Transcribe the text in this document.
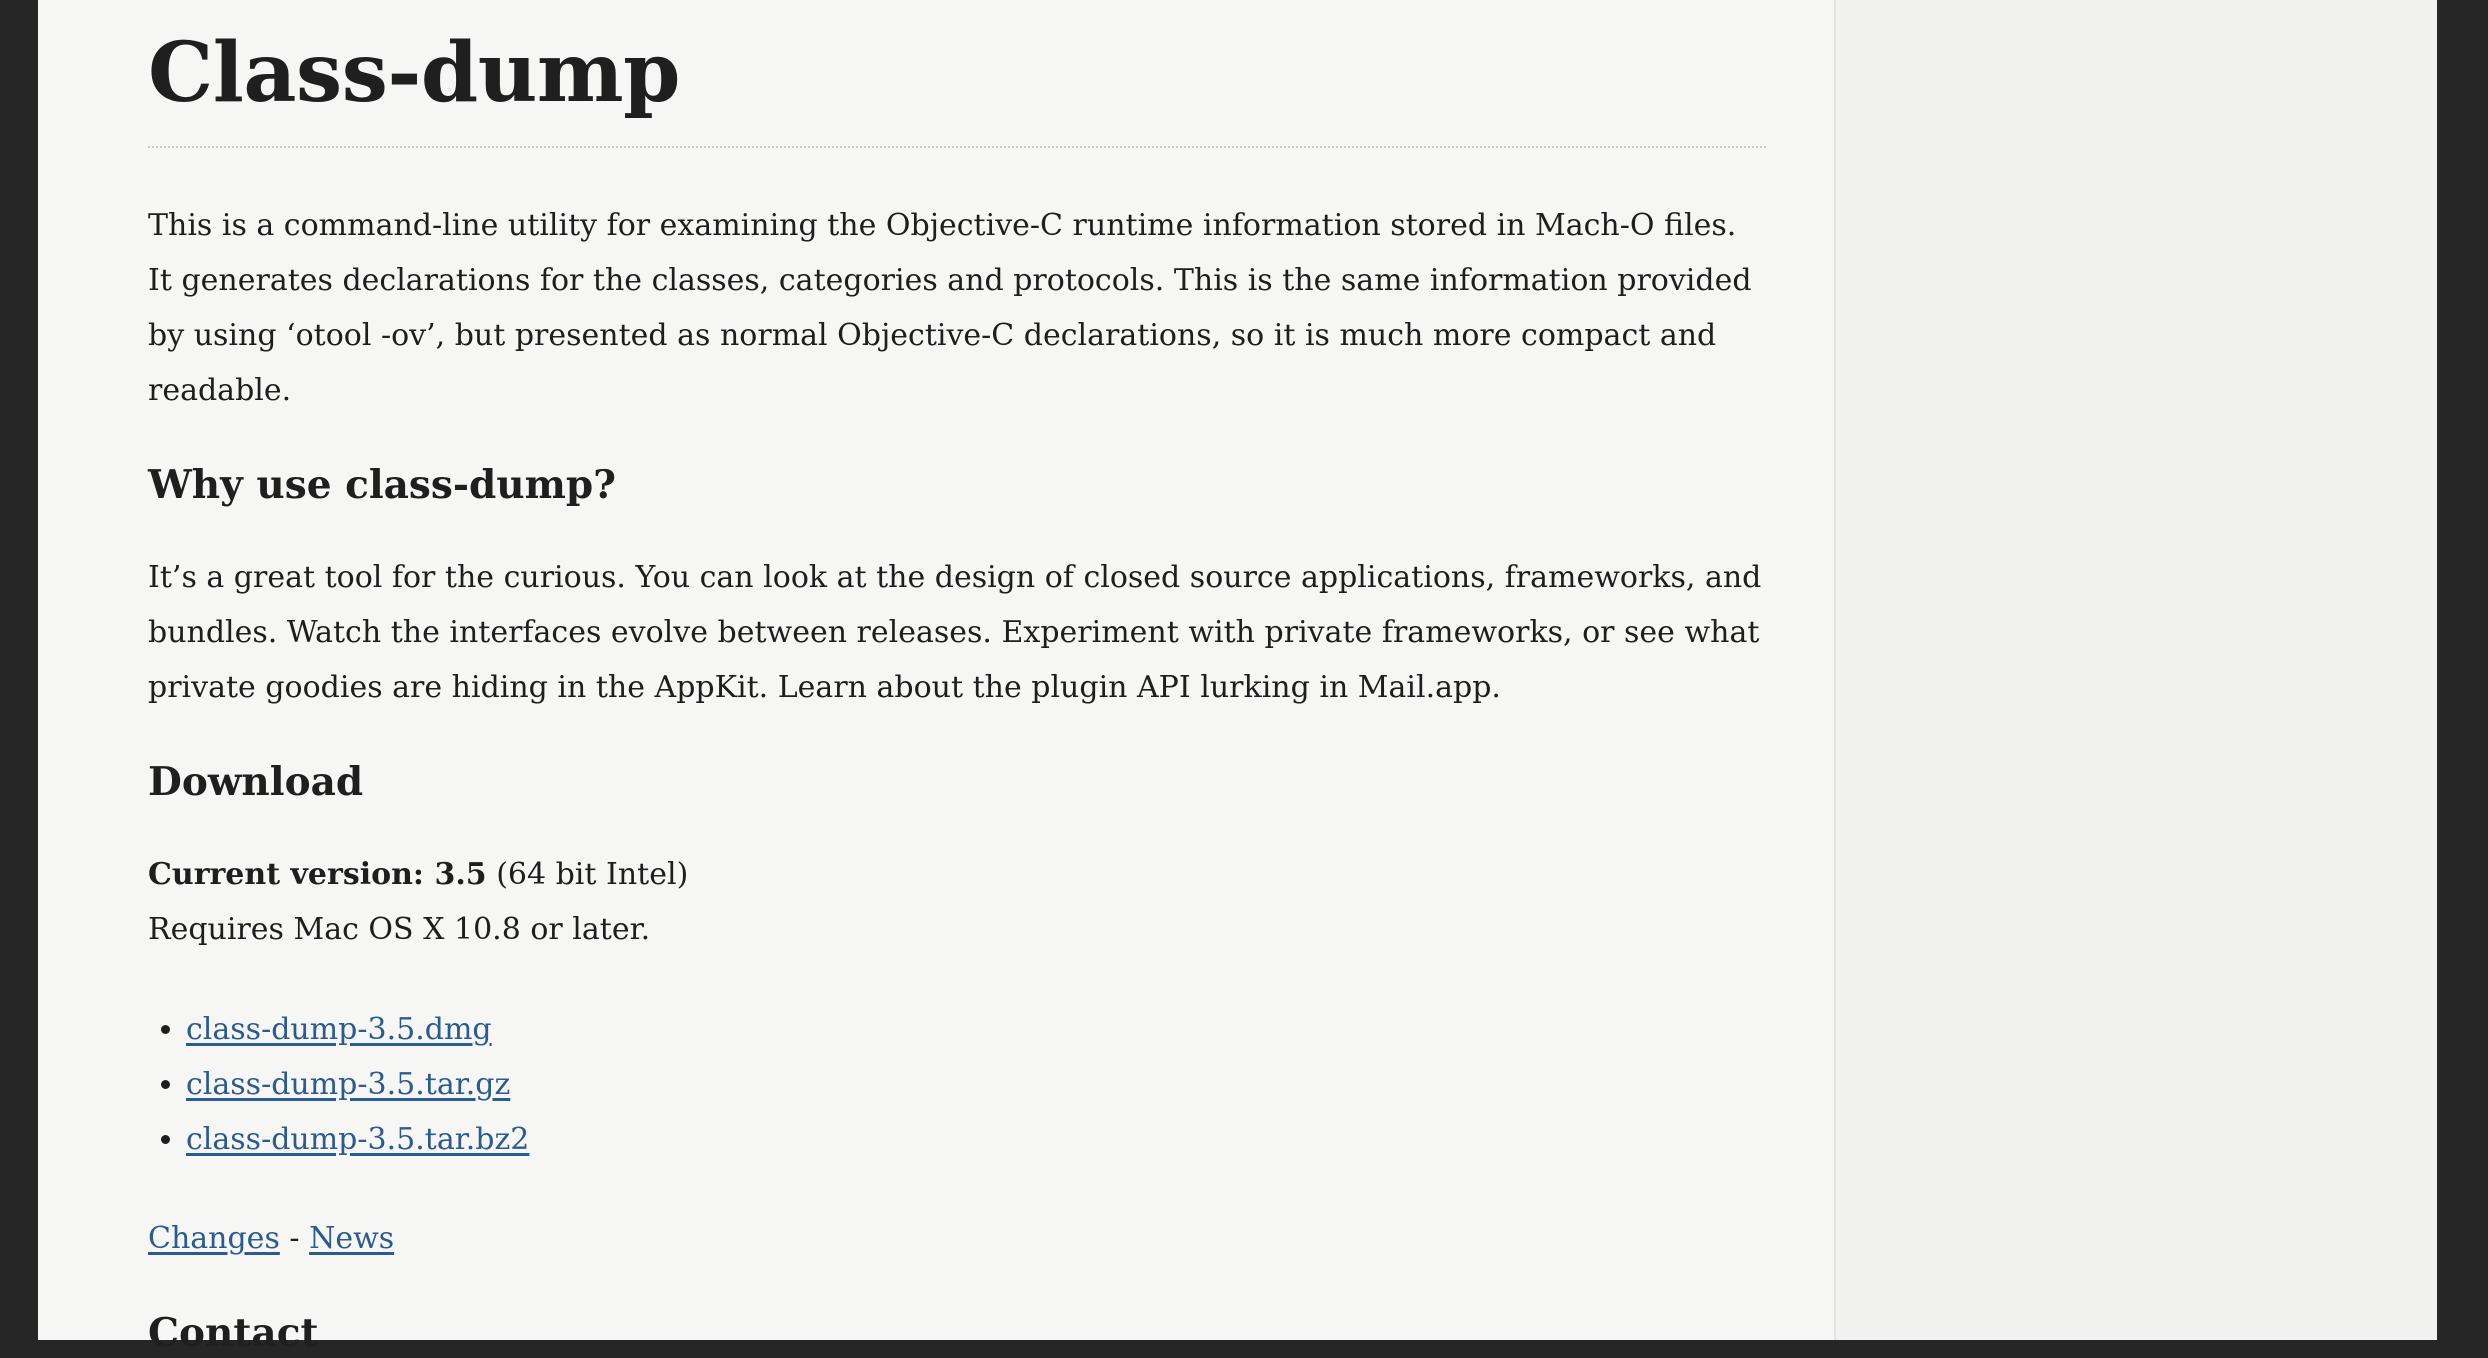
Class-dump

This is a command-line utility for examining the Objective-C runtime information stored in Mach-O files. It generates declarations for the classes, categories and protocols. This is the same information provided by using ‘otool -ov’, but presented as normal Objective-C declarations, so it is much more compact and readable.

Why use class-dump?

It’s a great tool for the curious. You can look at the design of closed source applications, frameworks, and bundles. Watch the interfaces evolve between releases. Experiment with private frameworks, or see what private goodies are hiding in the AppKit. Learn about the plugin API lurking in Mail.app.

Download

Current version: 3.5 (64 bit Intel)

Requires Mac OS X 10.8 or later.

• class-dump-3.5.dmg
• class-dump-3.5.tar.gz
• class-dump-3.5.tar.bz2

Changes - News

Contact
